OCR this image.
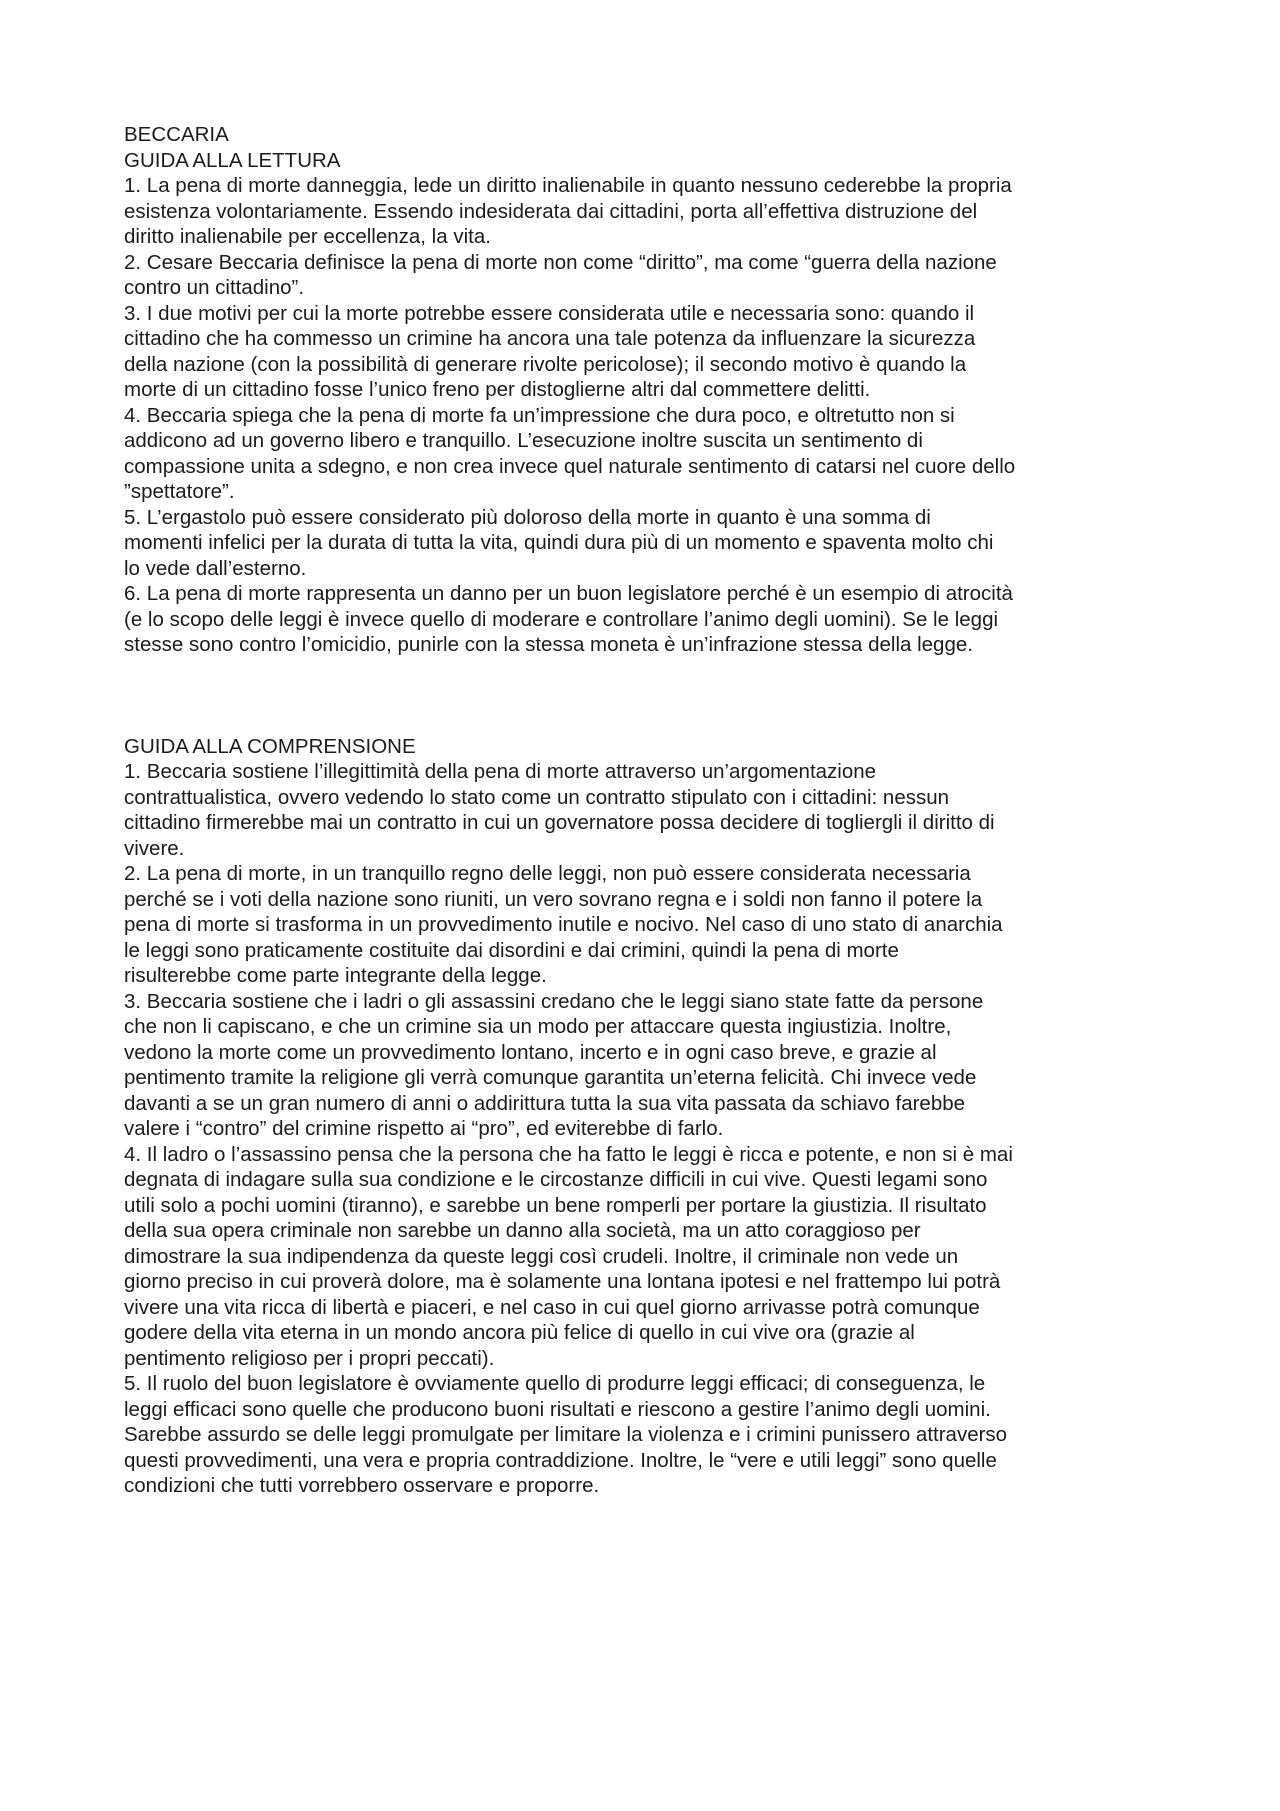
BECCARIA
GUIDA ALLA LETTURA
1. La pena di morte danneggia, lede un diritto inalienabile in quanto nessuno cederebbe la propria
esistenza volontariamente. Essendo indesiderata dai cittadini, porta all’effettiva distruzione del
diritto inalienabile per eccellenza, la vita.
2. Cesare Beccaria definisce la pena di morte non come “diritto”, ma come “guerra della nazione
contro un cittadino”.
3. I due motivi per cui la morte potrebbe essere considerata utile e necessaria sono: quando il
cittadino che ha commesso un crimine ha ancora una tale potenza da influenzare la sicurezza
della nazione (con la possibilità di generare rivolte pericolose); il secondo motivo è quando la
morte di un cittadino fosse l’unico freno per distoglierne altri dal commettere delitti.
4. Beccaria spiega che la pena di morte fa un’impressione che dura poco, e oltretutto non si
addicono ad un governo libero e tranquillo. L’esecuzione inoltre suscita un sentimento di
compassione unita a sdegno, e non crea invece quel naturale sentimento di catarsi nel cuore dello
”spettatore”.
5. L’ergastolo può essere considerato più doloroso della morte in quanto è una somma di
momenti infelici per la durata di tutta la vita, quindi dura più di un momento e spaventa molto chi
lo vede dall’esterno.
6. La pena di morte rappresenta un danno per un buon legislatore perché è un esempio di atrocità
(e lo scopo delle leggi è invece quello di moderare e controllare l’animo degli uomini). Se le leggi
stesse sono contro l’omicidio, punirle con la stessa moneta è un’infrazione stessa della legge.
GUIDA ALLA COMPRENSIONE
1. Beccaria sostiene l’illegittimità della pena di morte attraverso un’argomentazione
contrattualistica, ovvero vedendo lo stato come un contratto stipulato con i cittadini: nessun
cittadino firmerebbe mai un contratto in cui un governatore possa decidere di togliergli il diritto di
vivere.
2. La pena di morte, in un tranquillo regno delle leggi, non può essere considerata necessaria
perché se i voti della nazione sono riuniti, un vero sovrano regna e i soldi non fanno il potere la
pena di morte si trasforma in un provvedimento inutile e nocivo. Nel caso di uno stato di anarchia
le leggi sono praticamente costituite dai disordini e dai crimini, quindi la pena di morte
risulterebbe come parte integrante della legge.
3. Beccaria sostiene che i ladri o gli assassini credano che le leggi siano state fatte da persone
che non li capiscano, e che un crimine sia un modo per attaccare questa ingiustizia. Inoltre,
vedono la morte come un provvedimento lontano, incerto e in ogni caso breve, e grazie al
pentimento tramite la religione gli verrà comunque garantita un’eterna felicità. Chi invece vede
davanti a se un gran numero di anni o addirittura tutta la sua vita passata da schiavo farebbe
valere i “contro” del crimine rispetto ai “pro”, ed eviterebbe di farlo.
4. Il ladro o l’assassino pensa che la persona che ha fatto le leggi è ricca e potente, e non si è mai
degnata di indagare sulla sua condizione e le circostanze difficili in cui vive. Questi legami sono
utili solo a pochi uomini (tiranno), e sarebbe un bene romperli per portare la giustizia. Il risultato
della sua opera criminale non sarebbe un danno alla società, ma un atto coraggioso per
dimostrare la sua indipendenza da queste leggi così crudeli. Inoltre, il criminale non vede un
giorno preciso in cui proverà dolore, ma è solamente una lontana ipotesi e nel frattempo lui potrà
vivere una vita ricca di libertà e piaceri, e nel caso in cui quel giorno arrivasse potrà comunque
godere della vita eterna in un mondo ancora più felice di quello in cui vive ora (grazie al
pentimento religioso per i propri peccati).
5. Il ruolo del buon legislatore è ovviamente quello di produrre leggi efficaci; di conseguenza, le
leggi efficaci sono quelle che producono buoni risultati e riescono a gestire l’animo degli uomini.
Sarebbe assurdo se delle leggi promulgate per limitare la violenza e i crimini punissero attraverso
questi provvedimenti, una vera e propria contraddizione. Inoltre, le “vere e utili leggi” sono quelle
condizioni che tutti vorrebbero osservare e proporre.
